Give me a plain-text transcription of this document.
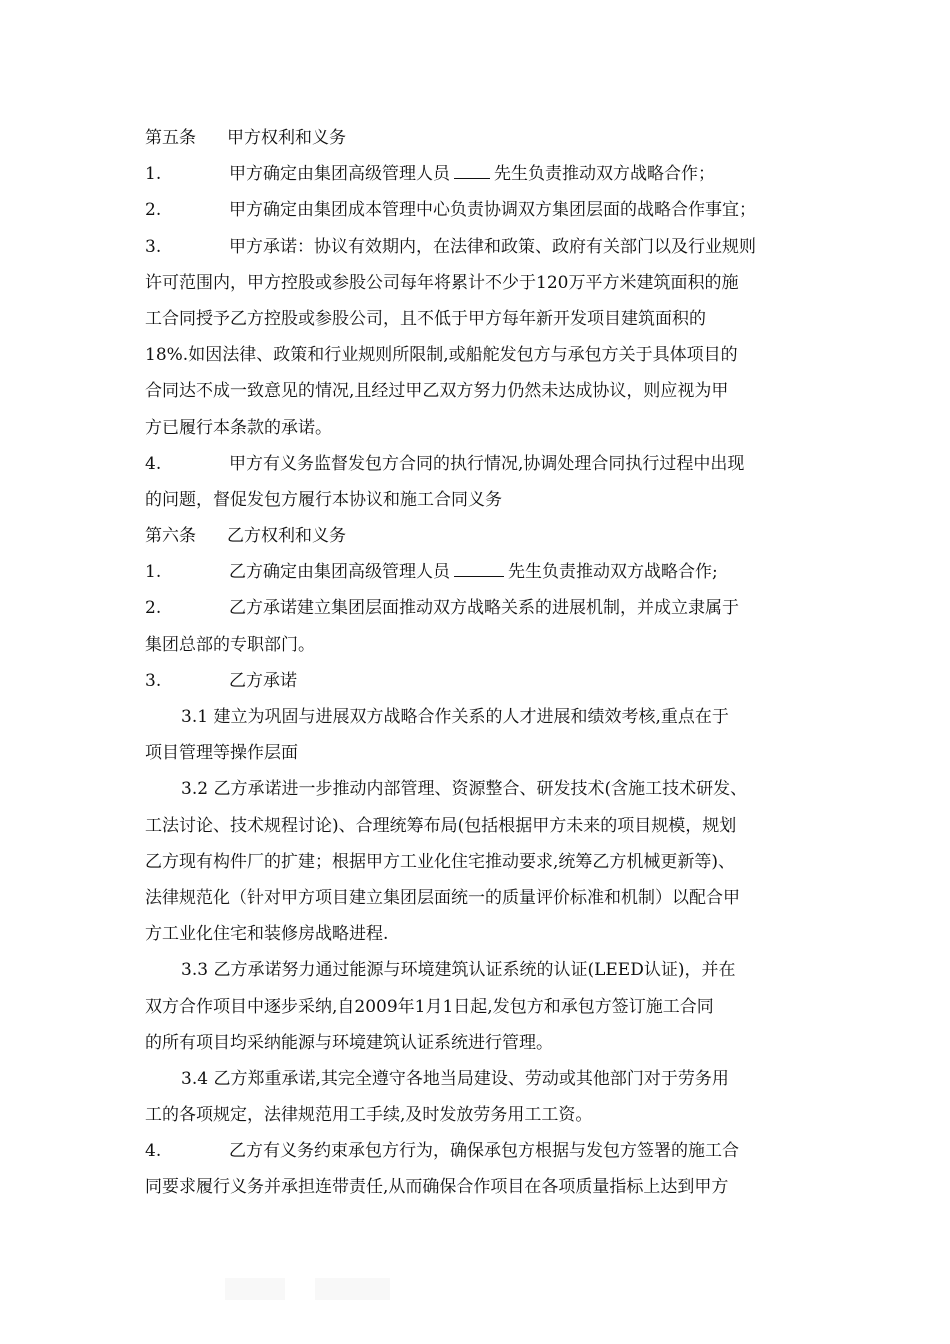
第五条 甲方权利和义务
1.	甲方确定由集团高级管理人员	先生负责推动双方战略合作；
2.	甲方确定由集团成本管理中心负责协调双方集团层面的战略合作事宜；
3.	甲方承诺：协议有效期内，在法律和政策、政府有关部门以及行业规则
许可范围内，甲方控股或参股公司每年将累计不少于120万平方米建筑面积的施
工合同授予乙方控股或参股公司，且不低于甲方每年新开发项目建筑面积的
18%.如因法律、政策和行业规则所限制,或船舵发包方与承包方关于具体项目的
合同达不成一致意见的情况,且经过甲乙双方努力仍然未达成协议，则应视为甲
方已履行本条款的承诺。
4.	甲方有义务监督发包方合同的执行情况,协调处理合同执行过程中出现
的问题，督促发包方履行本协议和施工合同义务
第六条 乙方权利和义务
1.	乙方确定由集团高级管理人员	先生负责推动双方战略合作;
2.	乙方承诺建立集团层面推动双方战略关系的进展机制，并成立隶属于
集团总部的专职部门。
3.	乙方承诺
3.1 建立为巩固与进展双方战略合作关系的人才进展和绩效考核,重点在于
项目管理等操作层面
3.2 乙方承诺进一步推动内部管理、资源整合、研发技术(含施工技术研发、
工法讨论、技术规程讨论)、合理统筹布局(包括根据甲方未来的项目规模，规划
乙方现有构件厂的扩建；根据甲方工业化住宅推动要求,统筹乙方机械更新等)、
法律规范化（针对甲方项目建立集团层面统一的质量评价标准和机制）以配合甲
方工业化住宅和装修房战略进程.
3.3 乙方承诺努力通过能源与环境建筑认证系统的认证(LEED认证)，并在
双方合作项目中逐步采纳,自2009年1月1日起,发包方和承包方签订施工合同
的所有项目均采纳能源与环境建筑认证系统进行管理。
3.4 乙方郑重承诺,其完全遵守各地当局建设、劳动或其他部门对于劳务用
工的各项规定，法律规范用工手续,及时发放劳务用工工资。
4.	乙方有义务约束承包方行为，确保承包方根据与发包方签署的施工合
同要求履行义务并承担连带责任,从而确保合作项目在各项质量指标上达到甲方
